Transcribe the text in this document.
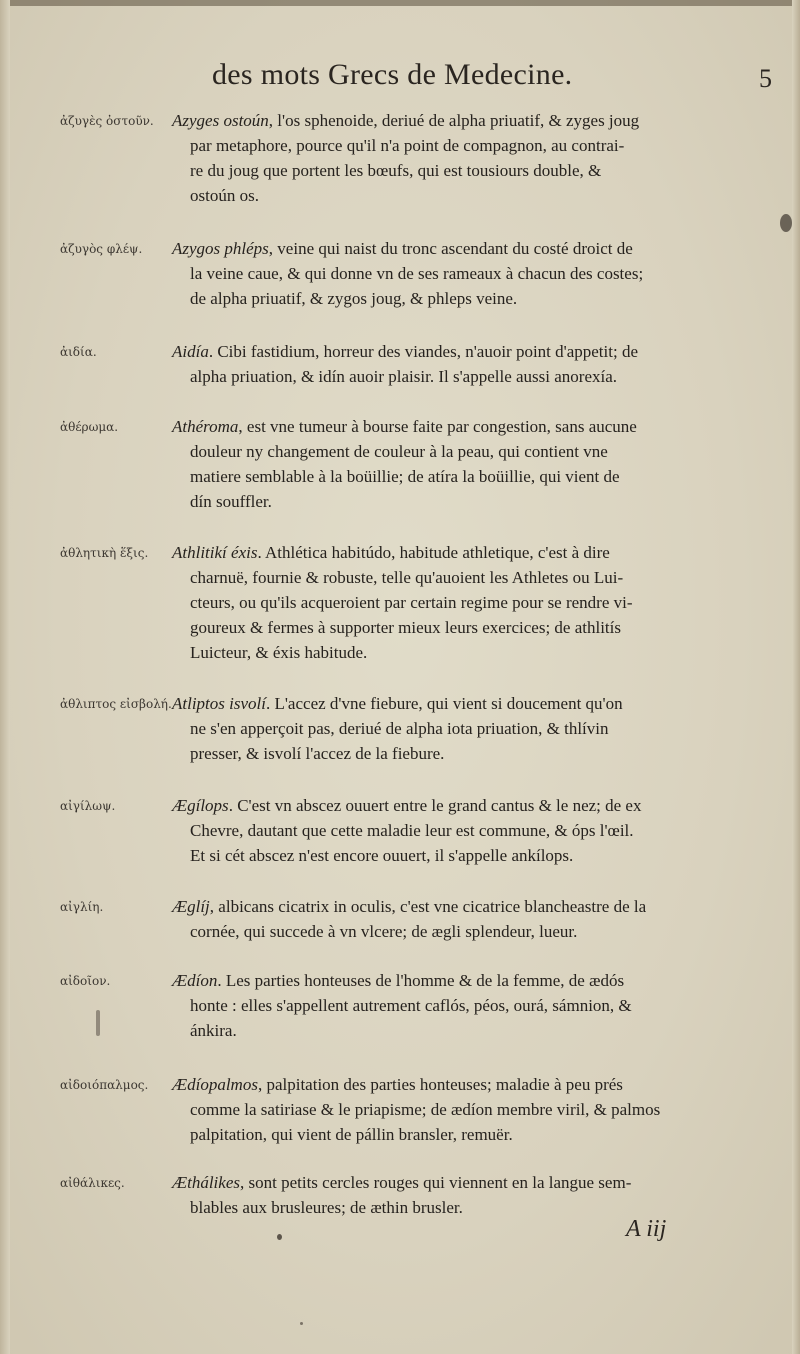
des mots Grecs de Medecine.	5
ἀζυγὲς ὀστοῦν.	Azyges ostoún, l'os sphenoide, deriué de alpha priuatif, & zyges joug
par metaphore, pource qu'il n'a point de compagnon, au contrai-
re du joug que portent les bœufs, qui est tousiours double, &
ostoún os.
ἀζυγὸς φλέψ.	Azygos phléps, veine qui naist du tronc ascendant du costé droict de
la veine caue, & qui donne vn de ses rameaux à chacun des costes;
de alpha priuatif, & zygos joug, & phleps veine.
ἀιδία.	Aidía. Cibi fastidium, horreur des viandes, n'auoir point d'appetit; de
alpha priuation, & idín auoir plaisir. Il s'appelle aussi anorexía.
ἀθέρωμα.	Athéroma, est vne tumeur à bourse faite par congestion, sans aucune
douleur ny changement de couleur à la peau, qui contient vne
matiere semblable à la boüillie; de atíra la boüillie, qui vient de
dín souffler.
ἀθλητικὴ ἕξις.	Athlitikí éxis. Athlética habitúdo, habitude athletique, c'est à dire
charnuë, fournie & robuste, telle qu'auoient les Athletes ou Lui-
cteurs, ou qu'ils acqueroient par certain regime pour se rendre vi-
goureux & fermes à supporter mieux leurs exercices; de athlitís
Luicteur, & éxis habitude.
ἀθλιπτος εἰσβολή. Atliptos isvolí. L'accez d'vne fiebure, qui vient si doucement qu'on
ne s'en apperçoit pas, deriué de alpha iota priuation, & thlívin
presser, & isvolí l'accez de la fiebure.
αἰγίλωψ.	Ægílops. C'est vn abscez ouuert entre le grand cantus & le nez; de ex
Chevre, dautant que cette maladie leur est commune, & óps l'œil.
Et si cét abscez n'est encore ouuert, il s'appelle ankílops.
αἰγλίη.	Æglíj, albicans cicatrix in oculis, c'est vne cicatrice blancheastre de la
cornée, qui succede à vn vlcere; de ægli splendeur, lueur.
αἰδοῖον.	Ædíon. Les parties honteuses de l'homme & de la femme, de ædós
honte : elles s'appellent autrement caflós, péos, ourá, sámnion, &
ánkira.
αἰδοιόπαλμος.	Ædíopalmos, palpitation des parties honteuses; maladie à peu prés
comme la satiriase & le priapisme; de ædíon membre viril, & palmos
palpitation, qui vient de pállin bransler, remuër.
αἰθάλικες.	Æthálikes, sont petits cercles rouges qui viennent en la langue sem-
blables aux brusleures; de æthin brusler.
A iij
